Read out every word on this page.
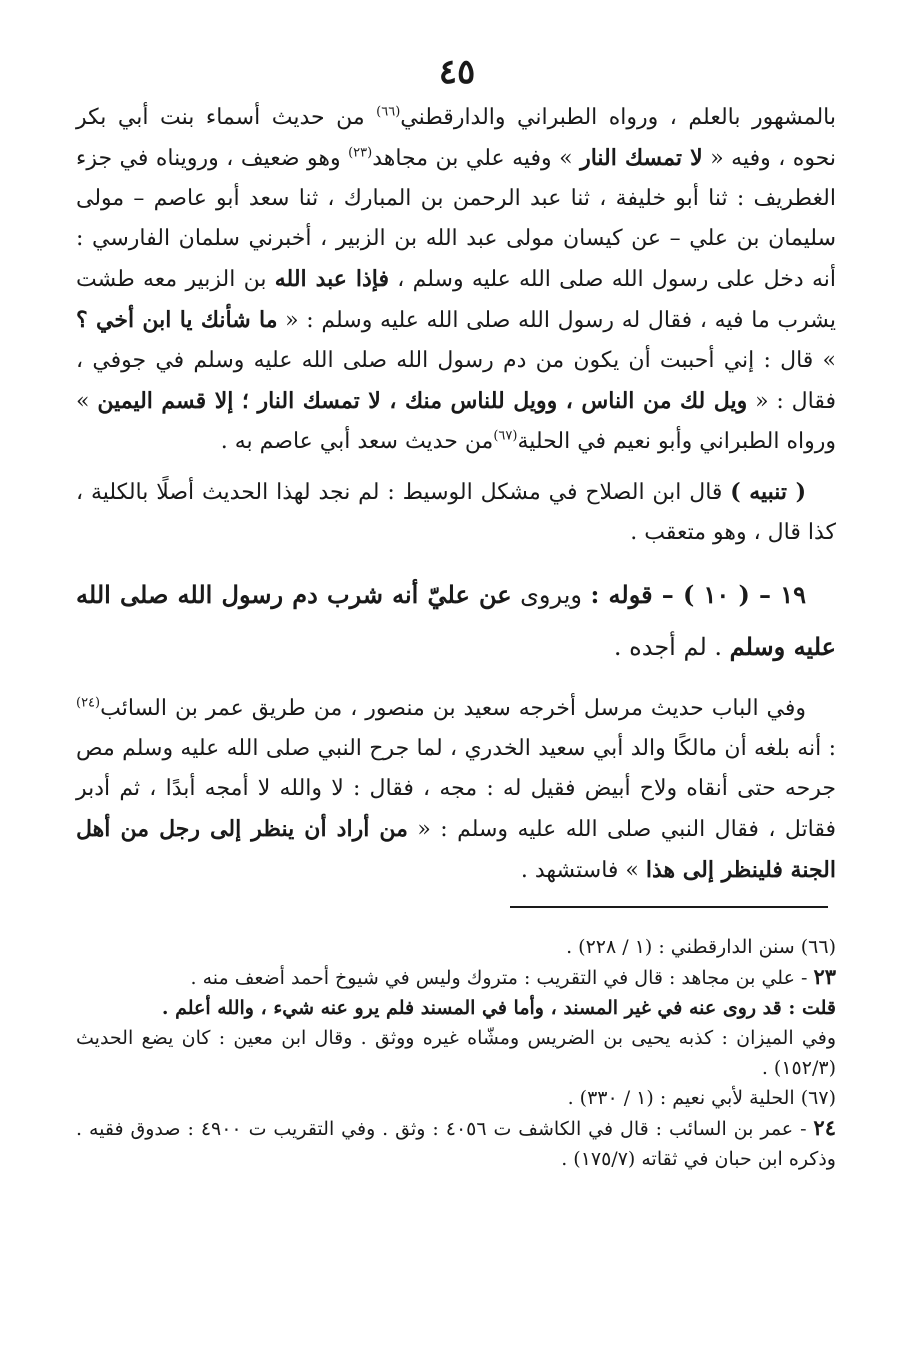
٤٥

بالمشهور بالعلم ، ورواه الطبراني والدارقطني$^{(٦٦)}$ من حديث أسماء بنت أبي بكر نحوه ، وفيه « لا تمسك النار » وفيه علي بن مجاهد$^{(٢٣)}$ وهو ضعيف ، ورويناه في جزء الغطريف : ثنا أبو خليفة ، ثنا عبد الرحمن بن المبارك ، ثنا سعد أبو عاصم – مولى سليمان بن علي – عن كيسان مولى عبد الله بن الزبير ، أخبرني سلمان الفارسي : أنه دخل على رسول الله صلى الله عليه وسلم ، فإذا عبد الله بن الزبير معه طشت يشرب ما فيه ، فقال له رسول الله صلى الله عليه وسلم : « ما شأنك يا ابن أخي ؟ » قال : إني أحببت أن يكون من دم رسول الله صلى الله عليه وسلم في جوفي ، فقال : « ويل لك من الناس ، وويل للناس منك ، لا تمسك النار ؛ إلا قسم اليمين » ورواه الطبراني وأبو نعيم في الحلية$^{(٦٧)}$من حديث سعد أبي عاصم به .

( تنبيه ) قال ابن الصلاح في مشكل الوسيط : لم نجد لهذا الحديث أصلًا بالكلية ، كذا قال ، وهو متعقب .

١٩ – ( ١٠ ) – قوله : ويروى عن عليّ أنه شرب دم رسول الله صلى الله عليه وسلم . لم أجده .

وفي الباب حديث مرسل أخرجه سعيد بن منصور ، من طريق عمر بن السائب$^{(٢٤)}$ : أنه بلغه أن مالكًا والد أبي سعيد الخدري ، لما جرح النبي صلى الله عليه وسلم مص جرحه حتى أنقاه ولاح أبيض فقيل له : مجه ، فقال : لا والله لا أمجه أبدًا ، ثم أدبر فقاتل ، فقال النبي صلى الله عليه وسلم : « من أراد أن ينظر إلى رجل من أهل الجنة فلينظر إلى هذا » فاستشهد .

(٦٦) سنن الدارقطني : (١ / ٢٢٨) .

٢٣ - علي بن مجاهد : قال في التقريب : متروك وليس في شيوخ أحمد أضعف منه .

قلت : قد روى عنه في غير المسند ، وأما في المسند فلم يرو عنه شيء ، والله أعلم .

وفي الميزان : كذبه يحيى بن الضريس ومشّاه غيره ووثق . وقال ابن معين : كان يضع الحديث (١٥٢/٣) .

(٦٧) الحلية لأبي نعيم : (١ / ٣٣٠) .

٢٤ - عمر بن السائب : قال في الكاشف ت ٤٠٥٦ : وثق . وفي التقريب ت ٤٩٠٠ : صدوق فقيه . وذكره ابن حبان في ثقاته (١٧٥/٧) .
